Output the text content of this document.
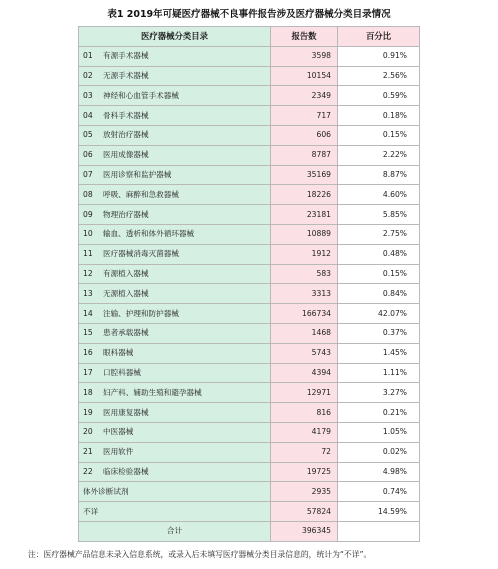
表1 2019年可疑医疗器械不良事件报告涉及医疗器械分类目录情况
医疗器械分类目录	报告数	百分比
01 有源手术器械	3598	0.91%
02 无源手术器械	10154	2.56%
03 神经和心血管手术器械	2349	0.59%
04 骨科手术器械	717	0.18%
05 放射治疗器械	606	0.15%
06 医用成像器械	8787	2.22%
07 医用诊察和监护器械	35169	8.87%
08 呼吸、麻醉和急救器械	18226	4.60%
09 物理治疗器械	23181	5.85%
10 输血、透析和体外循环器械	10889	2.75%
11 医疗器械消毒灭菌器械	1912	0.48%
12 有源植入器械	583	0.15%
13 无源植入器械	3313	0.84%
14 注输、护理和防护器械	166734	42.07%
15 患者承载器械	1468	0.37%
16 眼科器械	5743	1.45%
17 口腔科器械	4394	1.11%
18 妇产科、辅助生殖和避孕器械	12971	3.27%
19 医用康复器械	816	0.21%
20 中医器械	4179	1.05%
21 医用软件	72	0.02%
22 临床检验器械	19725	4.98%
体外诊断试剂	2935	0.74%
不详	57824	14.59%
合计	396345	
注：医疗器械产品信息未录入信息系统，或录入后未填写医疗器械分类目录信息的，统计为“不详”。
